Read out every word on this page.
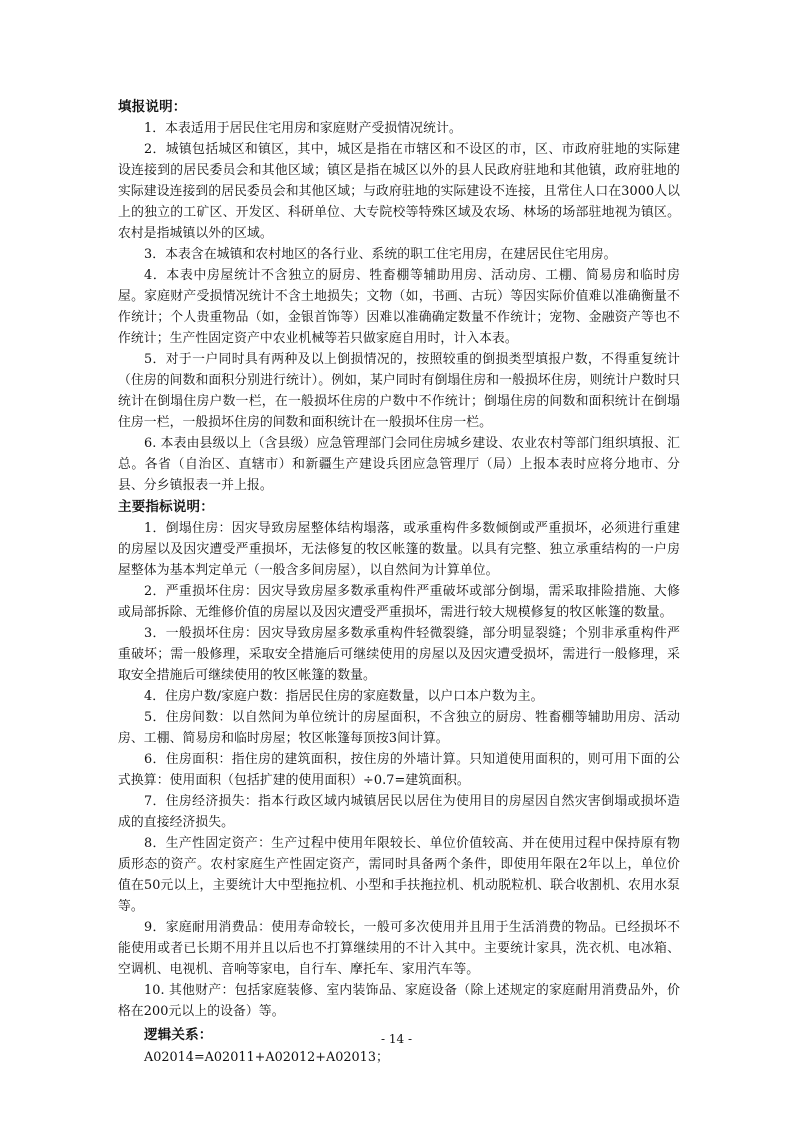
填报说明：

1．本表适用于居民住宅用房和家庭财产受损情况统计。

2．城镇包括城区和镇区，其中，城区是指在市辖区和不设区的市，区、市政府驻地的实际建设连接到的居民委员会和其他区域；镇区是指在城区以外的县人民政府驻地和其他镇，政府驻地的实际建设连接到的居民委员会和其他区域；与政府驻地的实际建设不连接，且常住人口在3000人以上的独立的工矿区、开发区、科研单位、大专院校等特殊区域及农场、林场的场部驻地视为镇区。农村是指城镇以外的区域。

3．本表含在城镇和农村地区的各行业、系统的职工住宅用房，在建居民住宅用房。

4．本表中房屋统计不含独立的厨房、牲畜棚等辅助用房、活动房、工棚、简易房和临时房屋。家庭财产受损情况统计不含土地损失；文物（如，书画、古玩）等因实际价值难以准确衡量不作统计；个人贵重物品（如，金银首饰等）因难以准确确定数量不作统计；宠物、金融资产等也不作统计；生产性固定资产中农业机械等若只做家庭自用时，计入本表。

5．对于一户同时具有两种及以上倒损情况的，按照较重的倒损类型填报户数，不得重复统计（住房的间数和面积分别进行统计）。例如，某户同时有倒塌住房和一般损坏住房，则统计户数时只统计在倒塌住房户数一栏，在一般损坏住房的户数中不作统计；倒塌住房的间数和面积统计在倒塌住房一栏，一般损坏住房的间数和面积统计在一般损坏住房一栏。

6. 本表由县级以上（含县级）应急管理部门会同住房城乡建设、农业农村等部门组织填报、汇总。各省（自治区、直辖市）和新疆生产建设兵团应急管理厅（局）上报本表时应将分地市、分县、分乡镇报表一并上报。

主要指标说明：

1．倒塌住房：因灾导致房屋整体结构塌落，或承重构件多数倾倒或严重损坏，必须进行重建的房屋以及因灾遭受严重损坏，无法修复的牧区帐篷的数量。以具有完整、独立承重结构的一户房屋整体为基本判定单元（一般含多间房屋），以自然间为计算单位。

2．严重损坏住房：因灾导致房屋多数承重构件严重破坏或部分倒塌，需采取排险措施、大修或局部拆除、无维修价值的房屋以及因灾遭受严重损坏，需进行较大规模修复的牧区帐篷的数量。

3．一般损坏住房：因灾导致房屋多数承重构件轻微裂缝，部分明显裂缝；个别非承重构件严重破坏；需一般修理，采取安全措施后可继续使用的房屋以及因灾遭受损坏，需进行一般修理，采取安全措施后可继续使用的牧区帐篷的数量。

4．住房户数/家庭户数：指居民住房的家庭数量，以户口本户数为主。

5．住房间数：以自然间为单位统计的房屋面积，不含独立的厨房、牲畜棚等辅助用房、活动房、工棚、简易房和临时房屋；牧区帐篷每顶按3间计算。

6．住房面积：指住房的建筑面积，按住房的外墙计算。只知道使用面积的，则可用下面的公式换算：使用面积（包括扩建的使用面积）÷0.7=建筑面积。

7．住房经济损失：指本行政区域内城镇居民以居住为使用目的房屋因自然灾害倒塌或损坏造成的直接经济损失。

8．生产性固定资产：生产过程中使用年限较长、单位价值较高、并在使用过程中保持原有物质形态的资产。农村家庭生产性固定资产，需同时具备两个条件，即使用年限在2年以上，单位价值在50元以上，主要统计大中型拖拉机、小型和手扶拖拉机、机动脱粒机、联合收割机、农用水泵等。

9．家庭耐用消费品：使用寿命较长，一般可多次使用并且用于生活消费的物品。已经损坏不能使用或者已长期不用并且以后也不打算继续用的不计入其中。主要统计家具，洗衣机、电冰箱、空调机、电视机、音响等家电，自行车、摩托车、家用汽车等。

10. 其他财产：包括家庭装修、室内装饰品、家庭设备（除上述规定的家庭耐用消费品外，价格在200元以上的设备）等。

逻辑关系：

A02014=A02011+A02012+A02013；

- 14 -
